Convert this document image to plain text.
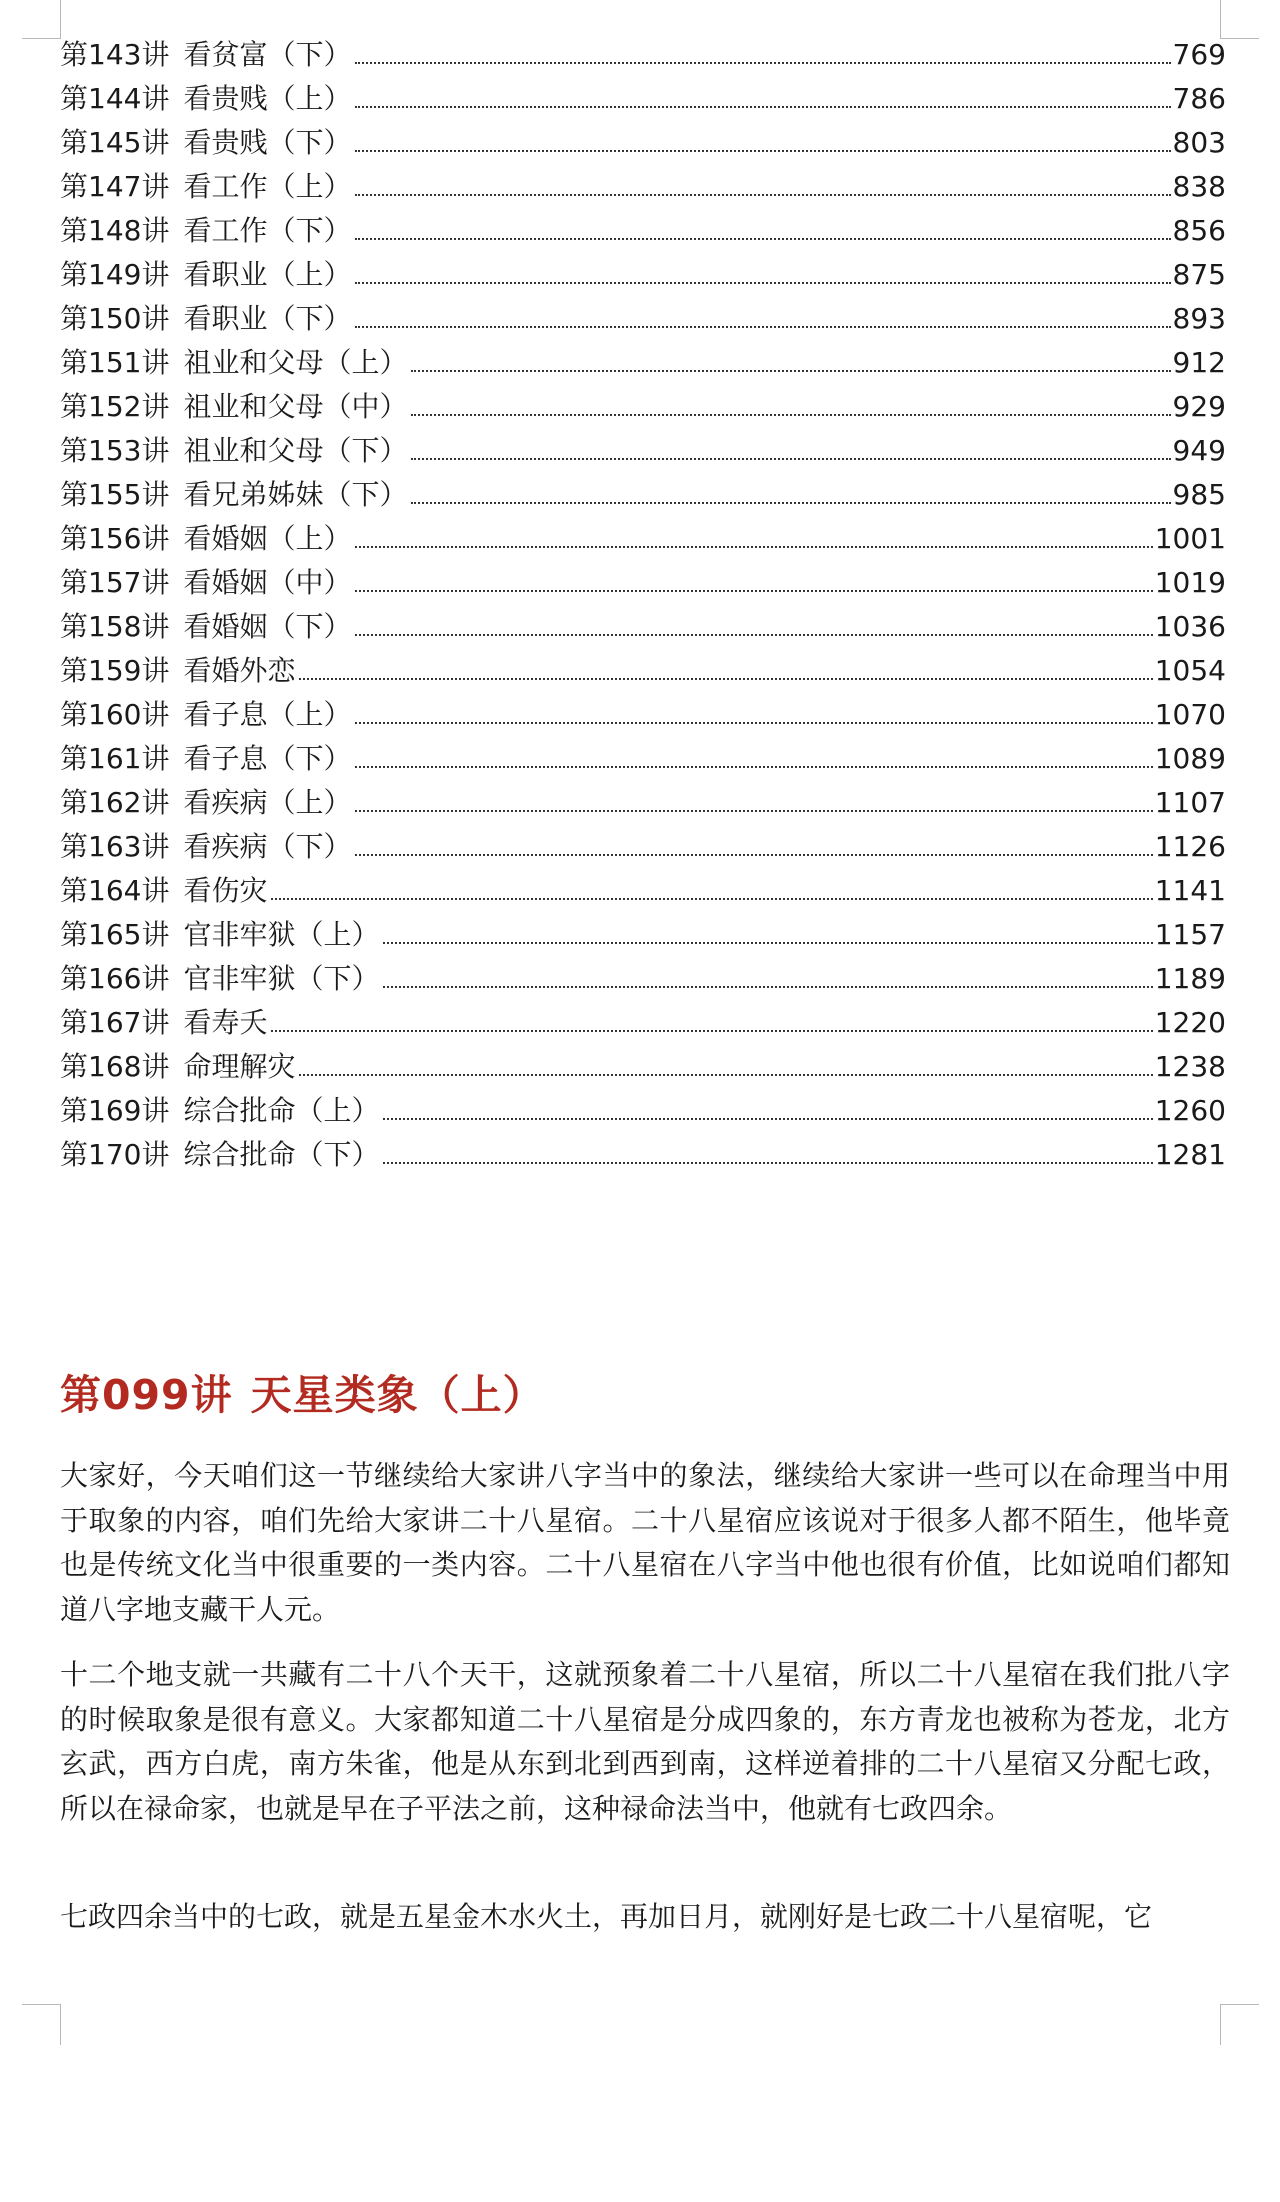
第143讲 看贫富（下）	769
第144讲 看贵贱（上）	786
第145讲 看贵贱（下）	803
第147讲 看工作（上）	838
第148讲 看工作（下）	856
第149讲 看职业（上）	875
第150讲 看职业（下）	893
第151讲 祖业和父母（上）	912
第152讲 祖业和父母（中）	929
第153讲 祖业和父母（下）	949
第155讲 看兄弟姊妹（下）	985
第156讲 看婚姻（上）	1001
第157讲 看婚姻（中）	1019
第158讲 看婚姻（下）	1036
第159讲 看婚外恋	1054
第160讲 看子息（上）	1070
第161讲 看子息（下）	1089
第162讲 看疾病（上）	1107
第163讲 看疾病（下）	1126
第164讲 看伤灾	1141
第165讲 官非牢狱（上）	1157
第166讲 官非牢狱（下）	1189
第167讲 看寿夭	1220
第168讲 命理解灾	1238
第169讲 综合批命（上）	1260
第170讲 综合批命（下）	1281
第099讲 天星类象（上）

大家好，今天咱们这一节继续给大家讲八字当中的象法，继续给大家讲一些可以在命理当中用于取象的内容，咱们先给大家讲二十八星宿。二十八星宿应该说对于很多人都不陌生，他毕竟也是传统文化当中很重要的一类内容。二十八星宿在八字当中他也很有价值，比如说咱们都知道八字地支藏干人元。

十二个地支就一共藏有二十八个天干，这就预象着二十八星宿，所以二十八星宿在我们批八字的时候取象是很有意义。大家都知道二十八星宿是分成四象的，东方青龙也被称为苍龙，北方玄武，西方白虎，南方朱雀，他是从东到北到西到南，这样逆着排的二十八星宿又分配七政，所以在禄命家，也就是早在子平法之前，这种禄命法当中，他就有七政四余。

七政四余当中的七政，就是五星金木水火土，再加日月，就刚好是七政二十八星宿呢，它
